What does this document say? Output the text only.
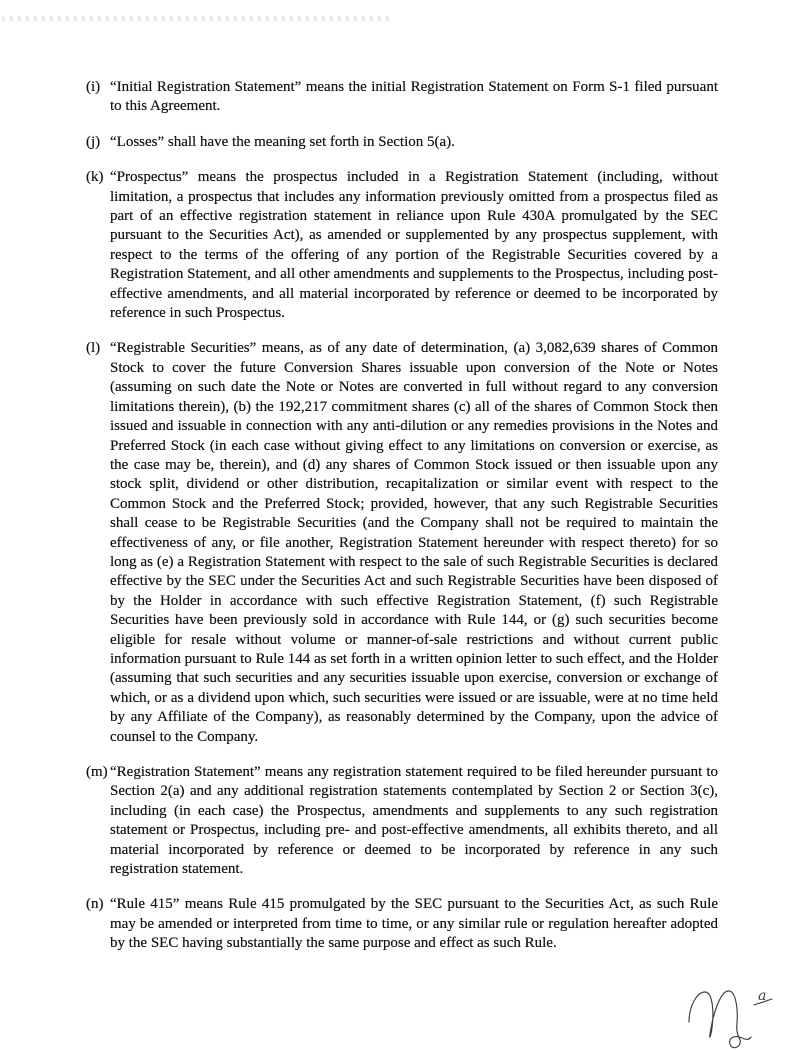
(i) “Initial Registration Statement” means the initial Registration Statement on Form S-1 filed pursuant to this Agreement.
(j) “Losses” shall have the meaning set forth in Section 5(a).
(k) “Prospectus” means the prospectus included in a Registration Statement (including, without limitation, a prospectus that includes any information previously omitted from a prospectus filed as part of an effective registration statement in reliance upon Rule 430A promulgated by the SEC pursuant to the Securities Act), as amended or supplemented by any prospectus supplement, with respect to the terms of the offering of any portion of the Registrable Securities covered by a Registration Statement, and all other amendments and supplements to the Prospectus, including post-effective amendments, and all material incorporated by reference or deemed to be incorporated by reference in such Prospectus.
(l) “Registrable Securities” means, as of any date of determination, (a) 3,082,639 shares of Common Stock to cover the future Conversion Shares issuable upon conversion of the Note or Notes (assuming on such date the Note or Notes are converted in full without regard to any conversion limitations therein), (b) the 192,217 commitment shares (c) all of the shares of Common Stock then issued and issuable in connection with any anti-dilution or any remedies provisions in the Notes and Preferred Stock (in each case without giving effect to any limitations on conversion or exercise, as the case may be, therein), and (d) any shares of Common Stock issued or then issuable upon any stock split, dividend or other distribution, recapitalization or similar event with respect to the Common Stock and the Preferred Stock; provided, however, that any such Registrable Securities shall cease to be Registrable Securities (and the Company shall not be required to maintain the effectiveness of any, or file another, Registration Statement hereunder with respect thereto) for so long as (e) a Registration Statement with respect to the sale of such Registrable Securities is declared effective by the SEC under the Securities Act and such Registrable Securities have been disposed of by the Holder in accordance with such effective Registration Statement, (f) such Registrable Securities have been previously sold in accordance with Rule 144, or (g) such securities become eligible for resale without volume or manner-of-sale restrictions and without current public information pursuant to Rule 144 as set forth in a written opinion letter to such effect, and the Holder (assuming that such securities and any securities issuable upon exercise, conversion or exchange of which, or as a dividend upon which, such securities were issued or are issuable, were at no time held by any Affiliate of the Company), as reasonably determined by the Company, upon the advice of counsel to the Company.
(m) “Registration Statement” means any registration statement required to be filed hereunder pursuant to Section 2(a) and any additional registration statements contemplated by Section 2 or Section 3(c), including (in each case) the Prospectus, amendments and supplements to any such registration statement or Prospectus, including pre- and post-effective amendments, all exhibits thereto, and all material incorporated by reference or deemed to be incorporated by reference in any such registration statement.
(n) “Rule 415” means Rule 415 promulgated by the SEC pursuant to the Securities Act, as such Rule may be amended or interpreted from time to time, or any similar rule or regulation hereafter adopted by the SEC having substantially the same purpose and effect as such Rule.
a
